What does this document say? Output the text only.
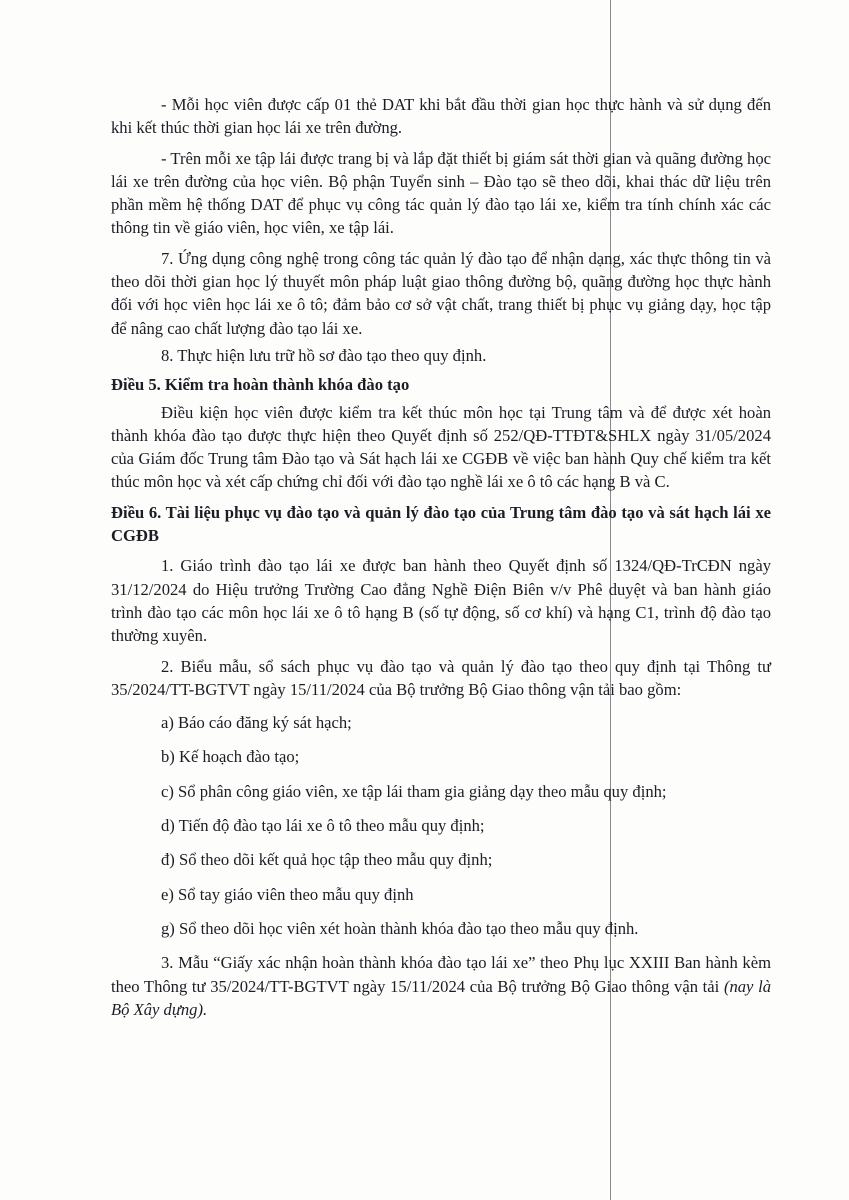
- Mỗi học viên được cấp 01 thẻ DAT khi bắt đầu thời gian học thực hành và sử dụng đến khi kết thúc thời gian học lái xe trên đường.

- Trên mỗi xe tập lái được trang bị và lắp đặt thiết bị giám sát thời gian và quãng đường học lái xe trên đường của học viên. Bộ phận Tuyển sinh – Đào tạo sẽ theo dõi, khai thác dữ liệu trên phần mềm hệ thống DAT để phục vụ công tác quản lý đào tạo lái xe, kiểm tra tính chính xác các thông tin về giáo viên, học viên, xe tập lái.

7. Ứng dụng công nghệ trong công tác quản lý đào tạo để nhận dạng, xác thực thông tin và theo dõi thời gian học lý thuyết môn pháp luật giao thông đường bộ, quãng đường học thực hành đối với học viên học lái xe ô tô; đảm bảo cơ sở vật chất, trang thiết bị phục vụ giảng dạy, học tập để nâng cao chất lượng đào tạo lái xe.

8. Thực hiện lưu trữ hồ sơ đào tạo theo quy định.

Điều 5. Kiểm tra hoàn thành khóa đào tạo

Điều kiện học viên được kiểm tra kết thúc môn học tại Trung tâm và để được xét hoàn thành khóa đào tạo được thực hiện theo Quyết định số 252/QĐ-TTĐT&SHLX ngày 31/05/2024 của Giám đốc Trung tâm Đào tạo và Sát hạch lái xe CGĐB về việc ban hành Quy chế kiểm tra kết thúc môn học và xét cấp chứng chỉ đối với đào tạo nghề lái xe ô tô các hạng B và C.

Điều 6. Tài liệu phục vụ đào tạo và quản lý đào tạo của Trung tâm đào tạo và sát hạch lái xe CGĐB

1. Giáo trình đào tạo lái xe được ban hành theo Quyết định số 1324/QĐ-TrCĐN ngày 31/12/2024 do Hiệu trưởng Trường Cao đẳng Nghề Điện Biên v/v Phê duyệt và ban hành giáo trình đào tạo các môn học lái xe ô tô hạng B (số tự động, số cơ khí) và hạng C1, trình độ đào tạo thường xuyên.

2. Biểu mẫu, sổ sách phục vụ đào tạo và quản lý đào tạo theo quy định tại Thông tư 35/2024/TT-BGTVT ngày 15/11/2024 của Bộ trưởng Bộ Giao thông vận tải bao gồm:

a) Báo cáo đăng ký sát hạch;

b) Kế hoạch đào tạo;

c) Sổ phân công giáo viên, xe tập lái tham gia giảng dạy theo mẫu quy định;

d) Tiến độ đào tạo lái xe ô tô theo mẫu quy định;

đ) Sổ theo dõi kết quả học tập theo mẫu quy định;

e) Sổ tay giáo viên theo mẫu quy định

g) Sổ theo dõi học viên xét hoàn thành khóa đào tạo theo mẫu quy định.

3. Mẫu “Giấy xác nhận hoàn thành khóa đào tạo lái xe” theo Phụ lục XXIII Ban hành kèm theo Thông tư 35/2024/TT-BGTVT ngày 15/11/2024 của Bộ trưởng Bộ Giao thông vận tải (nay là Bộ Xây dựng).
